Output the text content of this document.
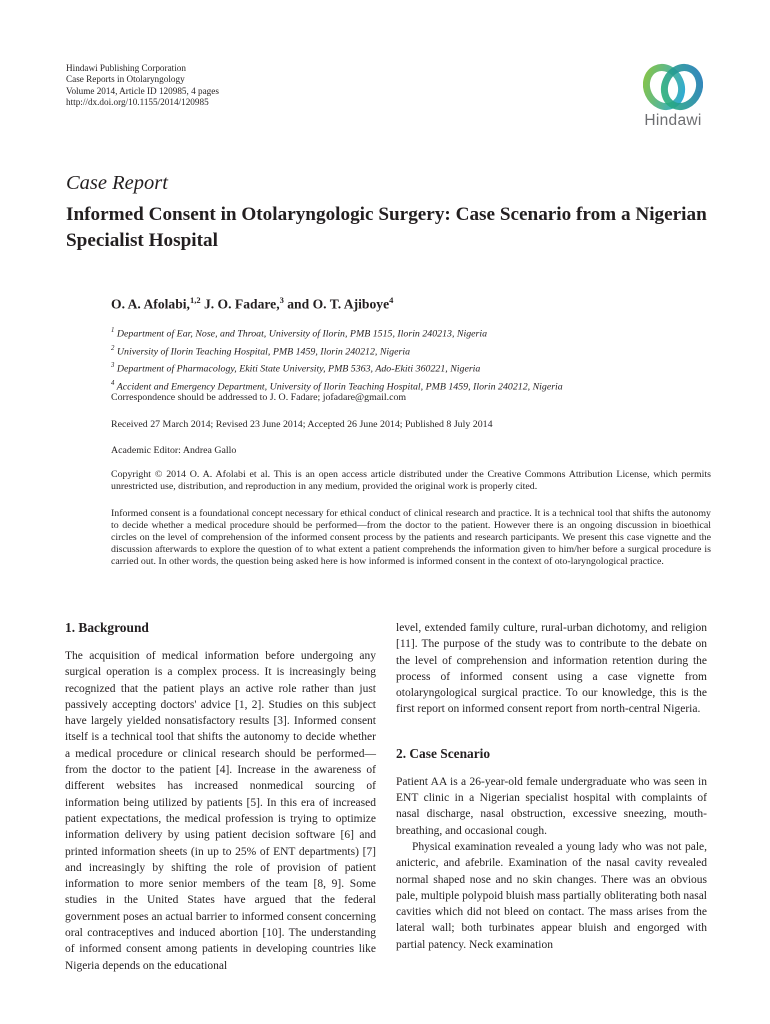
Hindawi Publishing Corporation
Case Reports in Otolaryngology
Volume 2014, Article ID 120985, 4 pages
http://dx.doi.org/10.1155/2014/120985
Hindawi
Case Report
Informed Consent in Otolaryngologic Surgery: Case Scenario from a Nigerian Specialist Hospital
O. A. Afolabi,$^{1,2}$ J. O. Fadare,$^3$ and O. T. Ajiboye$^4$
$^1$ Department of Ear, Nose, and Throat, University of Ilorin, PMB 1515, Ilorin 240213, Nigeria
$^2$ University of Ilorin Teaching Hospital, PMB 1459, Ilorin 240212, Nigeria
$^3$ Department of Pharmacology, Ekiti State University, PMB 5363, Ado-Ekiti 360221, Nigeria
$^4$ Accident and Emergency Department, University of Ilorin Teaching Hospital, PMB 1459, Ilorin 240212, Nigeria
Correspondence should be addressed to J. O. Fadare; jofadare@gmail.com
Received 27 March 2014; Revised 23 June 2014; Accepted 26 June 2014; Published 8 July 2014
Academic Editor: Andrea Gallo
Copyright © 2014 O. A. Afolabi et al. This is an open access article distributed under the Creative Commons Attribution License, which permits unrestricted use, distribution, and reproduction in any medium, provided the original work is properly cited.
Informed consent is a foundational concept necessary for ethical conduct of clinical research and practice. It is a technical tool that shifts the autonomy to decide whether a medical procedure should be performed—from the doctor to the patient. However there is an ongoing discussion in bioethical circles on the level of comprehension of the informed consent process by the patients and research participants. We present this case vignette and the discussion afterwards to explore the question of to what extent a patient comprehends the information given to him/her before a surgical procedure is carried out. In other words, the question being asked here is how informed is informed consent in the context of oto-laryngological practice.
1. Background

The acquisition of medical information before undergoing any surgical operation is a complex process. It is increasingly being recognized that the patient plays an active role rather than just passively accepting doctors' advice [1, 2]. Studies on this subject have largely yielded nonsatisfactory results [3]. Informed consent itself is a technical tool that shifts the autonomy to decide whether a medical procedure or clinical research should be performed—from the doctor to the patient [4]. Increase in the awareness of different websites has increased nonmedical sourcing of information being utilized by patients [5]. In this era of increased patient expectations, the medical profession is trying to optimize information delivery by using patient decision software [6] and printed information sheets (in up to 25% of ENT departments) [7] and increasingly by shifting the role of provision of patient information to more senior members of the team [8, 9]. Some studies in the United States have argued that the federal government poses an actual barrier to informed consent concerning oral contraceptives and induced abortion [10]. The understanding of informed consent among patients in developing countries like Nigeria depends on the educational

level, extended family culture, rural-urban dichotomy, and religion [11]. The purpose of the study was to contribute to the debate on the level of comprehension and information retention during the process of informed consent using a case vignette from otolaryngological surgical practice. To our knowledge, this is the first report on informed consent report from north-central Nigeria.

2. Case Scenario

Patient AA is a 26-year-old female undergraduate who was seen in ENT clinic in a Nigerian specialist hospital with complaints of nasal discharge, nasal obstruction, excessive sneezing, mouth-breathing, and occasional cough.

Physical examination revealed a young lady who was not pale, anicteric, and afebrile. Examination of the nasal cavity revealed normal shaped nose and no skin changes. There was an obvious pale, multiple polypoid bluish mass partially obliterating both nasal cavities which did not bleed on contact. The mass arises from the lateral wall; both turbinates appear bluish and engorged with partial patency. Neck examination
